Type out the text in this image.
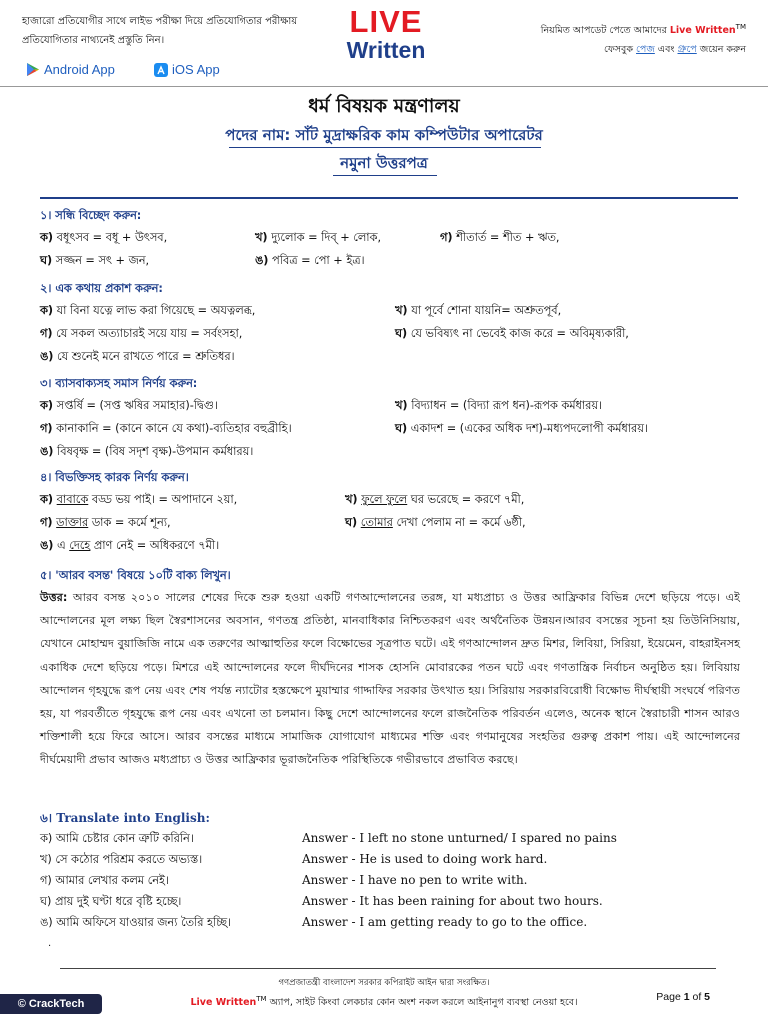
হাজারো প্রতিযোগীর সাথে লাইভ পরীক্ষা দিয়ে প্রতিযোগিতার পরীক্ষায়
প্রতিযোগিতার নাথ্যনেই প্রস্তুতি নিন।
LIVE
Written
নিয়মিত আপডেট পেতে আমাদের Live Written™
ফেসবুক পেজ এবং গ্রুপে জয়েন করুন
Android App	iOS App
ধর্ম বিষয়ক মন্ত্রণালয়
পদের নাম: সাঁট মুদ্রাক্ষরিক কাম কম্পিউটার অপারেটর
নমুনা উত্তরপত্র
১। সন্ধি বিচ্ছেদ করুন:
ক) বধূৎসব = বধূ + উৎসব,	খ) দ্যুলোক = দিব্‌ + লোক,	গ) শীতার্ত = শীত + ঋত,
ঘ) সজ্জন = সৎ + জন,	ঙ) পবিত্র = পো + ইত্র।
২। এক কথায় প্রকাশ করুন:
ক) যা বিনা যত্নে লাভ করা গিয়েছে = অযত্নলব্ধ,	খ) যা পূর্বে শোনা যায়নি= অশ্রুতপূর্ব,
গ) যে সকল অত্যাচারই সয়ে যায় = সর্বংসহা,	ঘ) যে ভবিষ্যৎ না ভেবেই কাজ করে = অবিমৃষ্যকারী,
ঙ) যে শুনেই মনে রাখতে পারে = শ্রুতিধর।
৩। ব্যাসবাক্যসহ সমাস নির্ণয় করুন:
ক) সপ্তর্ষি = (সপ্ত ঋষির সমাহার)-দ্বিগু।	খ) বিদ্যাধন = (বিদ্যা রূপ ধন)-রূপক কর্মধারয়।
গ) কানাকানি = (কানে কানে যে কথা)-ব্যতিহার বহুব্রীহি।	ঘ) একাদশ = (একের অধিক দশ)-মধ্যপদলোপী কর্মধারয়।
ঙ) বিষবৃক্ষ = (বিষ সদৃশ বৃক্ষ)-উপমান কর্মধারয়।
৪। বিভক্তিসহ কারক নির্ণয় করুন।
ক) বাবাকে বড্ড ভয় পাই। = অপাদানে ২য়া,	খ) ফুলে ফুলে ঘর ভরেছে = করণে ৭মী,
গ) ডাক্তার ডাক = কর্মে শূন্য,	ঘ) তোমার দেখা পেলাম না = কর্মে ৬ষ্ঠী,
ঙ) এ দেহে প্রাণ নেই = অধিকরণে ৭মী।
৫। 'আরব বসন্ত' বিষয়ে ১০টি বাক্য লিখুন।
উত্তর: আরব বসন্ত ২০১০ সালের শেষের দিকে শুরু হওয়া একটি গণআন্দোলনের তরঙ্গ, যা মধ্যপ্রাচ্য ও উত্তর আফ্রিকার বিভিন্ন দেশে ছড়িয়ে পড়ে। এই আন্দোলনের মূল লক্ষ্য ছিল স্বৈরশাসনের অবসান, গণতন্ত্র প্রতিষ্ঠা, মানবাধিকার নিশ্চিতকরণ এবং অর্থনৈতিক উন্নয়ন।আরব বসন্তের সূচনা হয় তিউনিসিয়ায়, যেখানে মোহাম্মদ বুয়াজিজি নামে এক তরুণের আত্মাহুতির ফলে বিক্ষোভের সূত্রপাত ঘটে। এই গণআন্দোলন দ্রুত মিশর, লিবিয়া, সিরিয়া, ইয়েমেন, বাহরাইনসহ একাধিক দেশে ছড়িয়ে পড়ে। মিশরে এই আন্দোলনের ফলে দীর্ঘদিনের শাসক হোসনি মোবারকের পতন ঘটে এবং গণতান্ত্রিক নির্বাচন অনুষ্ঠিত হয়। লিবিয়ায় আন্দোলন গৃহযুদ্ধে রূপ নেয় এবং শেষ পর্যন্ত ন্যাটোর হস্তক্ষেপে মুয়াম্মার গাদ্দাফির সরকার উৎখাত হয়। সিরিয়ায় সরকারবিরোধী বিক্ষোভ দীর্ঘস্থায়ী সংঘর্ষে পরিণত হয়, যা পরবর্তীতে গৃহযুদ্ধে রূপ নেয় এবং এখনো তা চলমান। কিছু দেশে আন্দোলনের ফলে রাজনৈতিক পরিবর্তন এলেও, অনেক স্থানে স্বৈরাচারী শাসন আরও শক্তিশালী হয়ে ফিরে আসে। আরব বসন্তের মাধ্যমে সামাজিক যোগাযোগ মাধ্যমের শক্তি এবং গণমানুষের সংহতির গুরুত্ব প্রকাশ পায়। এই আন্দোলনের দীর্ঘমেয়াদী প্রভাব আজও মধ্যপ্রাচ্য ও উত্তর আফ্রিকার ভূরাজনৈতিক পরিস্থিতিকে গভীরভাবে প্রভাবিত করছে।
৬। Translate into English:
ক) আমি চেষ্টার কোন ত্রুটি করিনি।	Answer - I left no stone unturned/ I spared no pains
খ) সে কঠোর পরিশ্রম করতে অভ্যস্ত।	Answer - He is used to doing work hard.
গ) আমার লেখার কলম নেই।	Answer - I have no pen to write with.
ঘ) প্রায় দুই ঘণ্টা ধরে বৃষ্টি হচ্ছে।	Answer - It has been raining for about two hours.
ঙ) আমি অফিসে যাওয়ার জন্য তৈরি হচ্ছি।	Answer - I am getting ready to go to the office.
.
গণপ্রজাতন্ত্রী বাংলাদেশ সরকার কপিরাইট আইন দ্বারা সংরক্ষিত।
Live Written™ অ্যাপ, সাইট কিংবা লেকচার কোন অংশ নকল করলে আইনানুগ ব্যবস্থা নেওয়া হবে।	Page 1 of 5
© CrackTech
